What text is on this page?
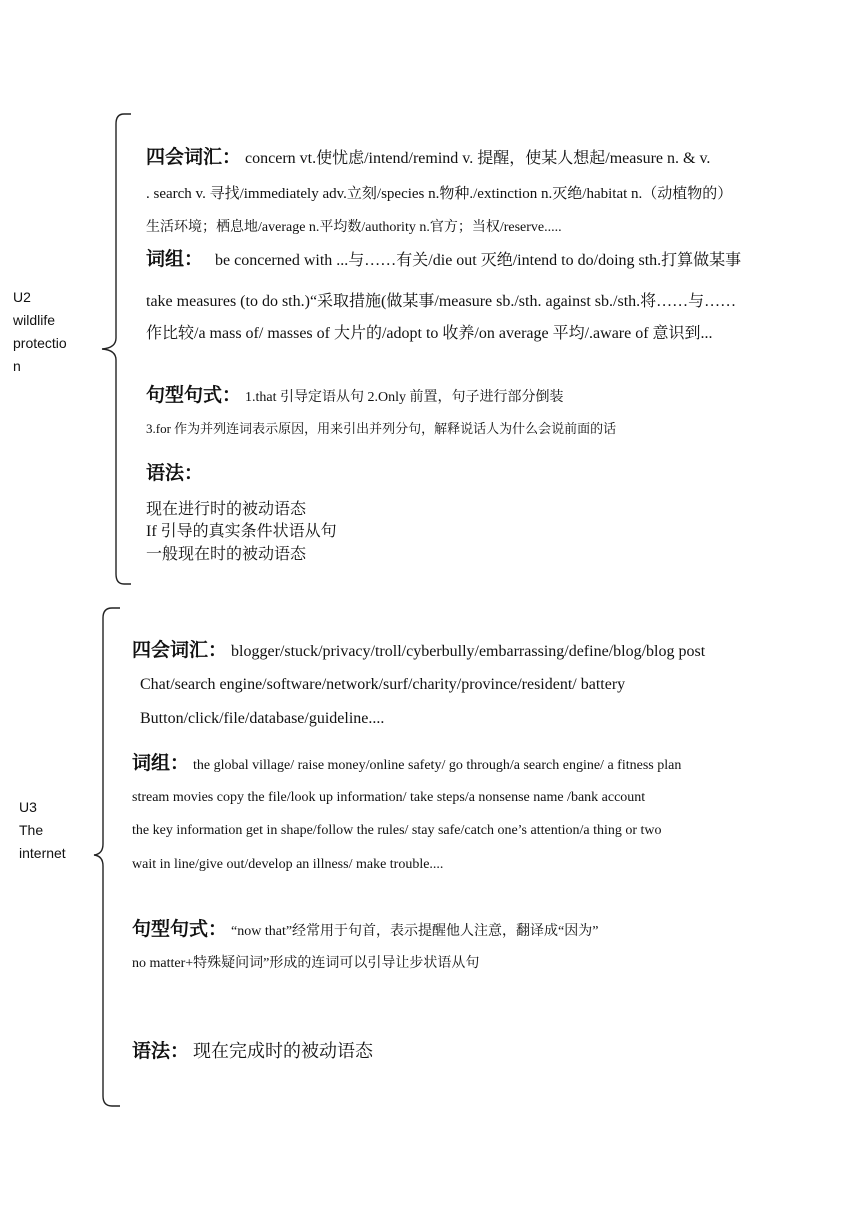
U2
wildlife
protectio
n
四会词汇： concern vt.使忧虑/intend/remind v. 提醒，使某人想起/measure n. & v.
. search v. 寻找/immediately adv.立刻/species n.物种./extinction n.灭绝/habitat n.（动植物的）
生活环境；栖息地/average n.平均数/authority n.官方；当权/reserve.....
词组： be concerned with ...与……有关/die out 灭绝/intend to do/doing sth.打算做某事
take measures (to do sth.)“采取措施(做某事/measure sb./sth. against sb./sth.将……与……
作比较/a mass of/ masses of 大片的/adopt to 收养/on average 平均/.aware of 意识到...
句型句式： 1.that 引导定语从句 2.Only 前置，句子进行部分倒装
3.for 作为并列连词表示原因，用来引出并列分句，解释说话人为什么会说前面的话
语法：
现在进行时的被动语态
If 引导的真实条件状语从句
一般现在时的被动语态
U3
The
internet
四会词汇： blogger/stuck/privacy/troll/cyberbully/embarrassing/define/blog/blog post
Chat/search engine/software/network/surf/charity/province/resident/ battery
Button/click/file/database/guideline....
词组： the global village/ raise money/online safety/ go through/a search engine/ a fitness plan
stream movies copy the file/look up information/ take steps/a nonsense name /bank account
the key information get in shape/follow the rules/ stay safe/catch one’s attention/a thing or two
wait in line/give out/develop an illness/ make trouble....
句型句式： “now that”经常用于句首，表示提醒他人注意，翻译成“因为”
no matter+特殊疑问词”形成的连词可以引导让步状语从句
语法： 现在完成时的被动语态
